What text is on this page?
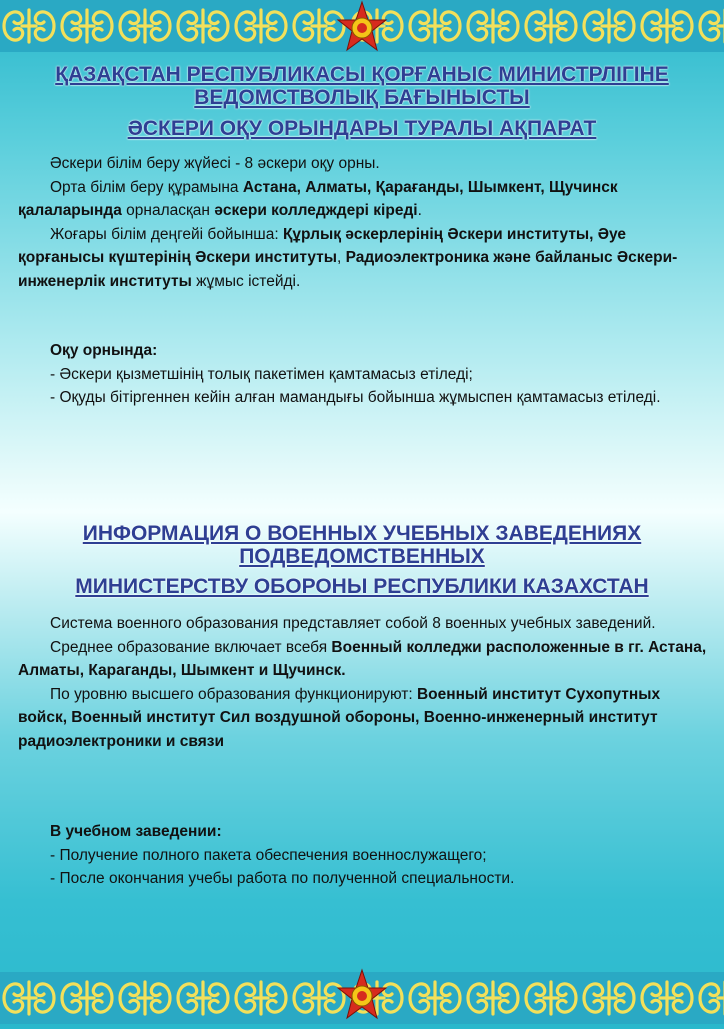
ҚАЗАҚСТАН РЕСПУБЛИКАСЫ ҚОРҒАНЫС МИНИСТРЛІГІНЕ
ВЕДОМСТВОЛЫҚ БАҒЫНЫСТЫ
ӘСКЕРИ ОҚУ ОРЫНДАРЫ ТУРАЛЫ АҚПАРАТ

Әскери білім беру жүйесі - 8 әскери оқу орны.

Орта білім беру құрамына Астана, Алматы, Қарағанды, Шымкент, Щучинск қалаларында орналасқан әскери колледждері кіреді.

Жоғары білім деңгейі бойынша: Құрлық әскерлерінің Әскери институты, Әуе қорғанысы күштерінің Әскери институты, Радиоэлектроника және байланыс Әскери-инженерлік институты жұмыс істейді.

Оқу орнында:

- Әскери қызметшінің толық пакетімен қамтамасыз етіледі;

- Оқуды бітіргеннен кейін алған мамандығы бойынша жұмыспен қамтамасыз етіледі.

ИНФОРМАЦИЯ О ВОЕННЫХ УЧЕБНЫХ ЗАВЕДЕНИЯХ
ПОДВЕДОМСТВЕННЫХ
МИНИСТЕРСТВУ ОБОРОНЫ РЕСПУБЛИКИ КАЗАХСТАН

Система военного образования представляет собой 8 военных учебных заведений.

Среднее образование включает всебя Военный колледжи расположенные в гг. Астана, Алматы, Караганды, Шымкент и Щучинск.

По уровню высшего образования функционируют: Военный институт Сухопутных войск, Военный институт Сил воздушной обороны, Военно-инженерный институт радиоэлектроники и связи

В учебном заведении:

- Получение полного пакета обеспечения военнослужащего;

- После окончания учебы работа по полученной специальности.
